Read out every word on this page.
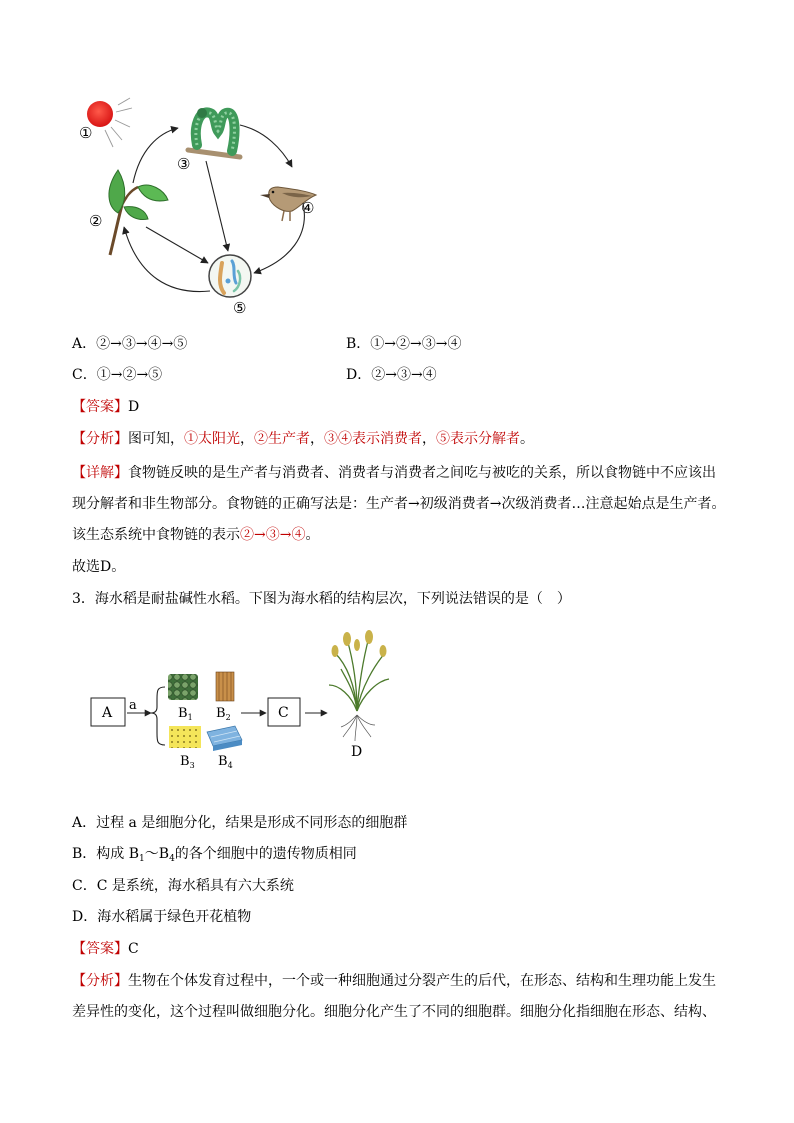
①
③
②
④
⑤
A．②→③→④→⑤	B．①→②→③→④
C．①→②→⑤	D．②→③→④
【答案】D
【分析】图可知，①太阳光，②生产者，③④表示消费者，⑤表示分解者。
【详解】食物链反映的是生产者与消费者、消费者与消费者之间吃与被吃的关系，所以食物链中不应该出
现分解者和非生物部分。食物链的正确写法是：生产者→初级消费者→次级消费者…注意起始点是生产者。
该生态系统中食物链的表示②→③→④。
故选D。
3．海水稻是耐盐碱性水稻。下图为海水稻的结构层次，下列说法错误的是（　）
A a
$B_1$ $B_2$
$B_3$ $B_4$
C
D
A．过程 a 是细胞分化，结果是形成不同形态的细胞群
B．构成 $B_1\sim B_4$的各个细胞中的遗传物质相同
C．C 是系统，海水稻具有六大系统
D．海水稻属于绿色开花植物
【答案】C
【分析】生物在个体发育过程中，一个或一种细胞通过分裂产生的后代，在形态、结构和生理功能上发生
差异性的变化，这个过程叫做细胞分化。细胞分化产生了不同的细胞群。细胞分化指细胞在形态、结构、
